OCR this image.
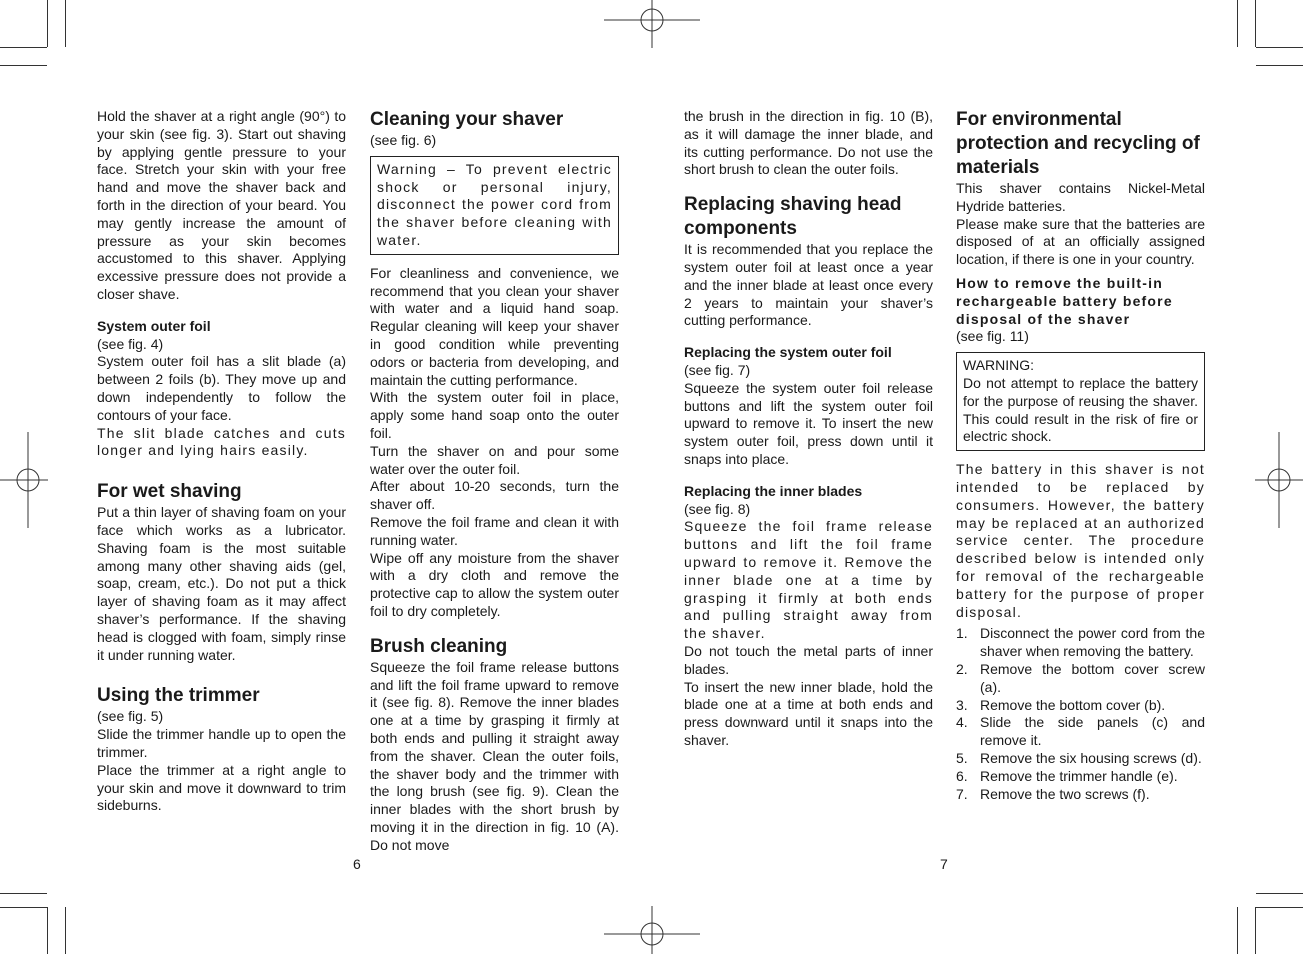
Hold the shaver at a right angle (90°) to your skin (see fig. 3). Start out shaving by applying gentle pressure to your face. Stretch your skin with your free hand and move the shaver back and forth in the direction of your beard. You may gently increase the amount of pressure as your skin becomes accustomed to this shaver. Applying excessive pressure does not provide a closer shave.

System outer foil

(see fig. 4)

System outer foil has a slit blade (a) between 2 foils (b). They move up and down independently to follow the contours of your face.

The slit blade catches and cuts longer and lying hairs easily.

For wet shaving

Put a thin layer of shaving foam on your face which works as a lubricator. Shaving foam is the most suitable among many other shaving aids (gel, soap, cream, etc.). Do not put a thick layer of shaving foam as it may affect shaver’s performance. If the shaving head is clogged with foam, simply rinse it under running water.

Using the trimmer

(see fig. 5)

Slide the trimmer handle up to open the trimmer.

Place the trimmer at a right angle to your skin and move it downward to trim sideburns.

Cleaning your shaver

(see fig. 6)

Warning – To prevent electric shock or personal injury, disconnect the power cord from the shaver before cleaning with water.

For cleanliness and convenience, we recommend that you clean your shaver with water and a liquid hand soap. Regular cleaning will keep your shaver in good condition while preventing odors or bacteria from developing, and maintain the cutting performance.

With the system outer foil in place, apply some hand soap onto the outer foil.

Turn the shaver on and pour some water over the outer foil.

After about 10-20 seconds, turn the shaver off.

Remove the foil frame and clean it with running water.

Wipe off any moisture from the shaver with a dry cloth and remove the protective cap to allow the system outer foil to dry completely.

Brush cleaning

Squeeze the foil frame release buttons and lift the foil frame upward to remove it (see fig. 8). Remove the inner blades one at a time by grasping it firmly at both ends and pulling it straight away from the shaver. Clean the outer foils, the shaver body and the trimmer with the long brush (see fig. 9). Clean the inner blades with the short brush by moving it in the direction in fig. 10 (A). Do not move

the brush in the direction in fig. 10 (B), as it will damage the inner blade, and its cutting performance. Do not use the short brush to clean the outer foils.

Replacing shaving head components

It is recommended that you replace the system outer foil at least once a year and the inner blade at least once every 2 years to maintain your shaver’s cutting performance.

Replacing the system outer foil

(see fig. 7)

Squeeze the system outer foil release buttons and lift the system outer foil upward to remove it. To insert the new system outer foil, press down until it snaps into place.

Replacing the inner blades

(see fig. 8)

Squeeze the foil frame release buttons and lift the foil frame upward to remove it. Remove the inner blade one at a time by grasping it firmly at both ends and pulling straight away from the shaver.

Do not touch the metal parts of inner blades.

To insert the new inner blade, hold the blade one at a time at both ends and press downward until it snaps into the shaver.

For environmental protection and recycling of materials

This shaver contains Nickel-Metal Hydride batteries.

Please make sure that the batteries are disposed of at an officially assigned location, if there is one in your country.

How to remove the built-in rechargeable battery before disposal of the shaver

(see fig. 11)

WARNING:

Do not attempt to replace the battery for the purpose of reusing the shaver. This could result in the risk of fire or electric shock.

The battery in this shaver is not intended to be replaced by consumers. However, the battery may be replaced at an authorized service center. The procedure described below is intended only for removal of the rechargeable battery for the purpose of proper disposal.

1. Disconnect the power cord from the shaver when removing the battery.
2. Remove the bottom cover screw (a).
3. Remove the bottom cover (b).
4. Slide the side panels (c) and remove it.
5. Remove the six housing screws (d).
6. Remove the trimmer handle (e).
7. Remove the two screws (f).
6	7
